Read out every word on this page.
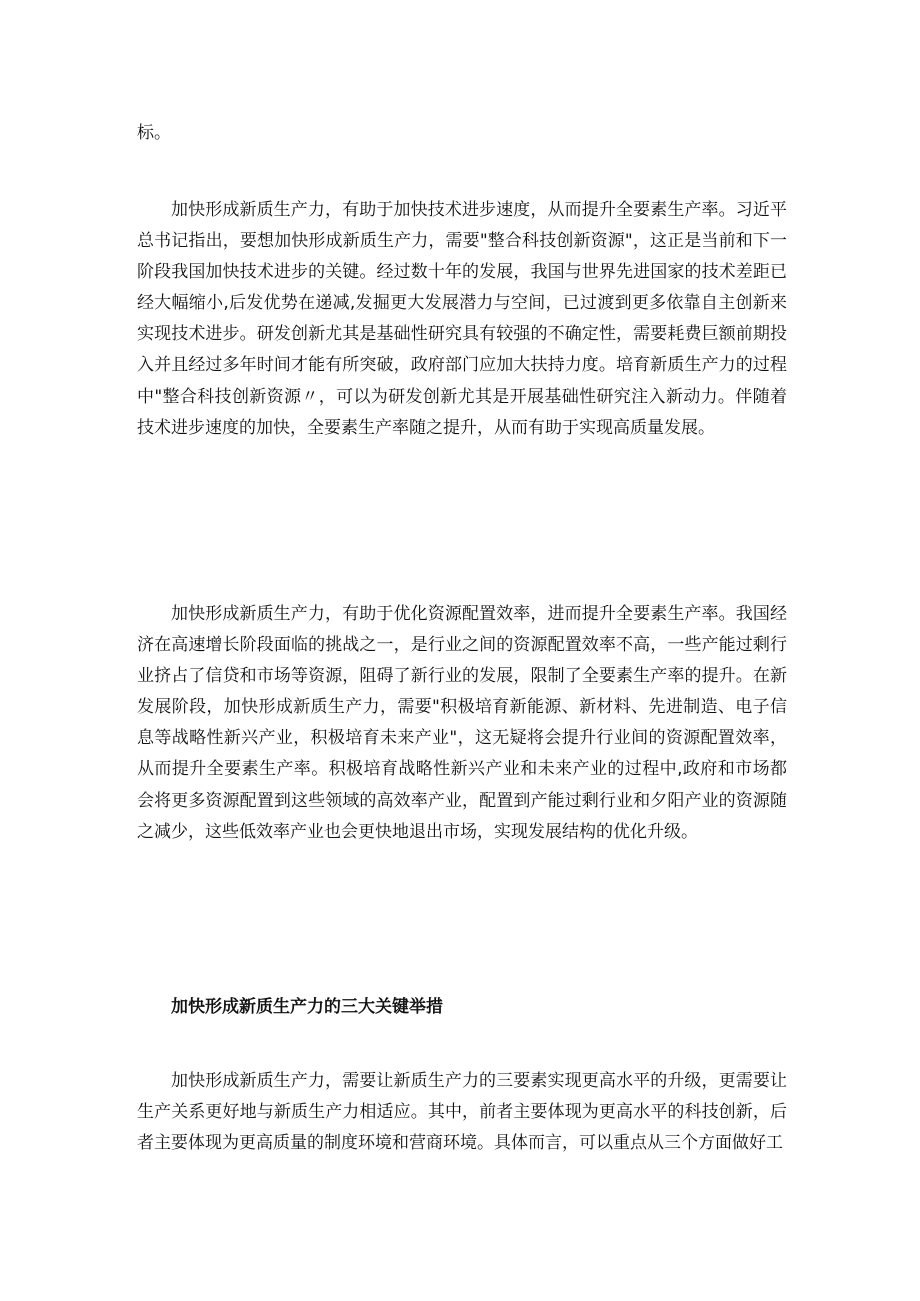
标。

加快形成新质生产力，有助于加快技术进步速度，从而提升全要素生产率。习近平总书记指出，要想加快形成新质生产力，需要"整合科技创新资源"，这正是当前和下一阶段我国加快技术进步的关键。经过数十年的发展，我国与世界先进国家的技术差距已经大幅缩小,后发优势在递减,发掘更大发展潜力与空间，已过渡到更多依靠自主创新来实现技术进步。研发创新尤其是基础性研究具有较强的不确定性，需要耗费巨额前期投入并且经过多年时间才能有所突破，政府部门应加大扶持力度。培育新质生产力的过程中"整合科技创新资源〃，可以为研发创新尤其是开展基础性研究注入新动力。伴随着技术进步速度的加快，全要素生产率随之提升，从而有助于实现高质量发展。

加快形成新质生产力，有助于优化资源配置效率，进而提升全要素生产率。我国经济在高速增长阶段面临的挑战之一，是行业之间的资源配置效率不高，一些产能过剩行业挤占了信贷和市场等资源，阻碍了新行业的发展，限制了全要素生产率的提升。在新发展阶段，加快形成新质生产力，需要"积极培育新能源、新材料、先进制造、电子信息等战略性新兴产业，积极培育未来产业"，这无疑将会提升行业间的资源配置效率，从而提升全要素生产率。积极培育战略性新兴产业和未来产业的过程中,政府和市场都会将更多资源配置到这些领域的高效率产业，配置到产能过剩行业和夕阳产业的资源随之减少，这些低效率产业也会更快地退出市场，实现发展结构的优化升级。

加快形成新质生产力的三大关键举措

加快形成新质生产力，需要让新质生产力的三要素实现更高水平的升级，更需要让生产关系更好地与新质生产力相适应。其中，前者主要体现为更高水平的科技创新，后者主要体现为更高质量的制度环境和营商环境。具体而言，可以重点从三个方面做好工
